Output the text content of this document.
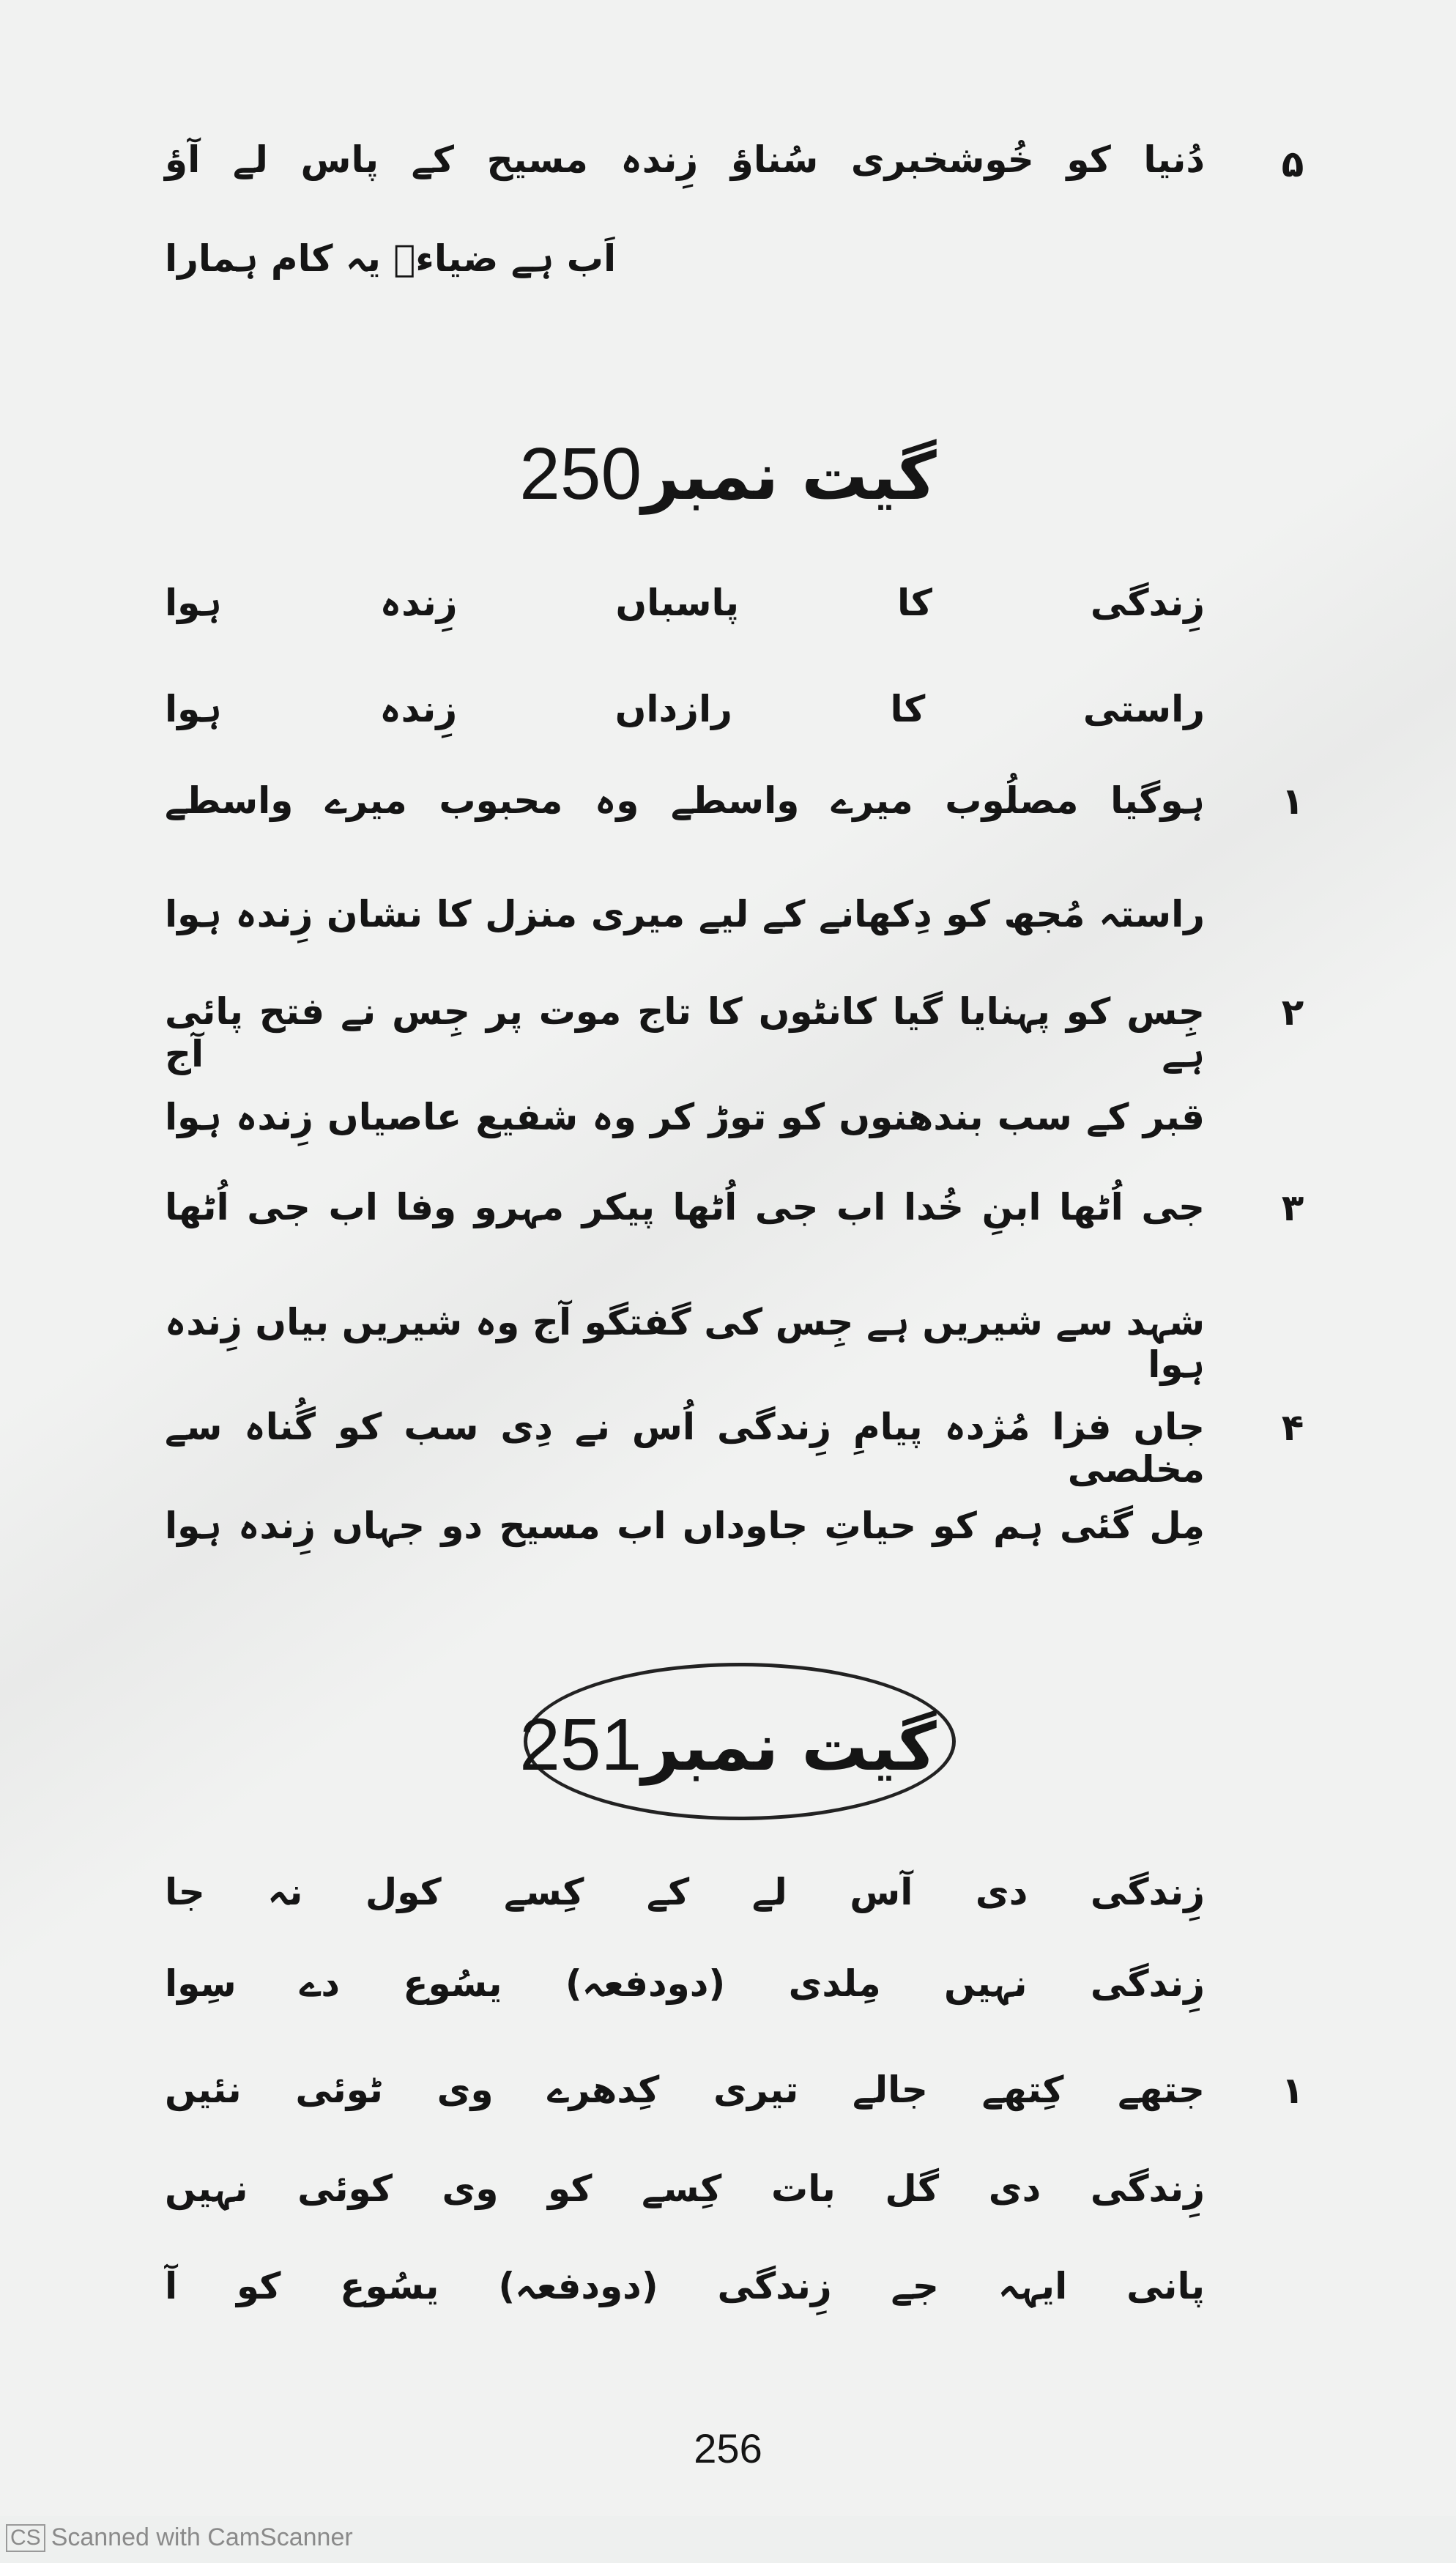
۵
دُنیا کو خُوشخبری سُناؤ زِندہ مسیح کے پاس لے آؤ
اَب ہے ضیاءؔ یہ کام ہمارا
گیت نمبر250
زِندگی کا پاسباں زِندہ ہوا
راستی کا رازداں زِندہ ہوا
۱
ہوگیا مصلُوب میرے واسطے وہ محبوب میرے واسطے
راستہ مُجھ کو دِکھانے کے لیے میری منزل کا نشان زِندہ ہوا
۲
جِس کو پہنایا گیا کانٹوں کا تاج موت پر جِس نے فتح پائی ہے آج
قبر کے سب بندھنوں کو توڑ کر وہ شفیع عاصیاں زِندہ ہوا
۳
جی اُٹھا ابنِ خُدا اب جی اُٹھا پیکر مہرو وفا اب جی اُٹھا
شہد سے شیریں ہے جِس کی گفتگو آج وہ شیریں بیاں زِندہ ہوا
۴
جاں فزا مُژدہ پیامِ زِندگی اُس نے دِی سب کو گُناہ سے مخلصی
مِل گئی ہم کو حیاتِ جاوداں اب مسیح دو جہاں زِندہ ہوا
گیت نمبر251
زِندگی دی آس لے کے کِسے کول نہ جا
زِندگی نہیں مِلدی (دودفعہ) یسُوع دے سِوا
۱
جتھے کِتھے جالے تیری کِدھرے وی ٹوئی نئیں
زِندگی دی گل بات کِسے کو وی کوئی نہیں
پانی ایہہ جے زِندگی (دودفعہ) یسُوع کو آ
256
CS Scanned with CamScanner
